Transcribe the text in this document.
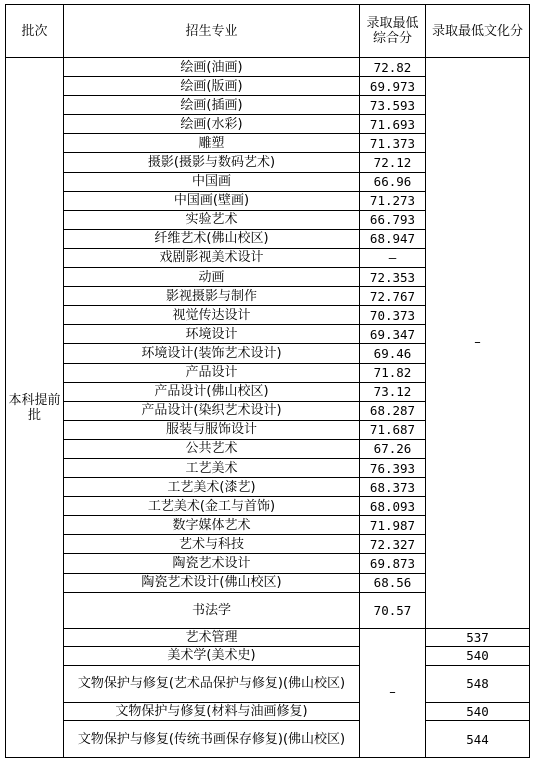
批次	招生专业	录取最低综合分	录取最低文化分
本科提前批	绘画(油画)	72.82	–
	绘画(版画)	69.973	
	绘画(插画)	73.593	
	绘画(水彩)	71.693	
	雕塑	71.373	
	摄影(摄影与数码艺术)	72.12	
	中国画	66.96	
	中国画(壁画)	71.273	
	实验艺术	66.793	
	纤维艺术(佛山校区)	68.947	
	戏剧影视美术设计	–	
	动画	72.353	
	影视摄影与制作	72.767	
	视觉传达设计	70.373	
	环境设计	69.347	
	环境设计(装饰艺术设计)	69.46	
	产品设计	71.82	
	产品设计(佛山校区)	73.12	
	产品设计(染织艺术设计)	68.287	
	服装与服饰设计	71.687	
	公共艺术	67.26	
	工艺美术	76.393	
	工艺美术(漆艺)	68.373	
	工艺美术(金工与首饰)	68.093	
	数字媒体艺术	71.987	
	艺术与科技	72.327	
	陶瓷艺术设计	69.873	
	陶瓷艺术设计(佛山校区)	68.56	
	书法学	70.57	
	艺术管理	–	537
	美术学(美术史)		540
	文物保护与修复(艺术品保护与修复)(佛山校区)		548
	文物保护与修复(材料与油画修复)		540
	文物保护与修复(传统书画保存修复)(佛山校区)		544
